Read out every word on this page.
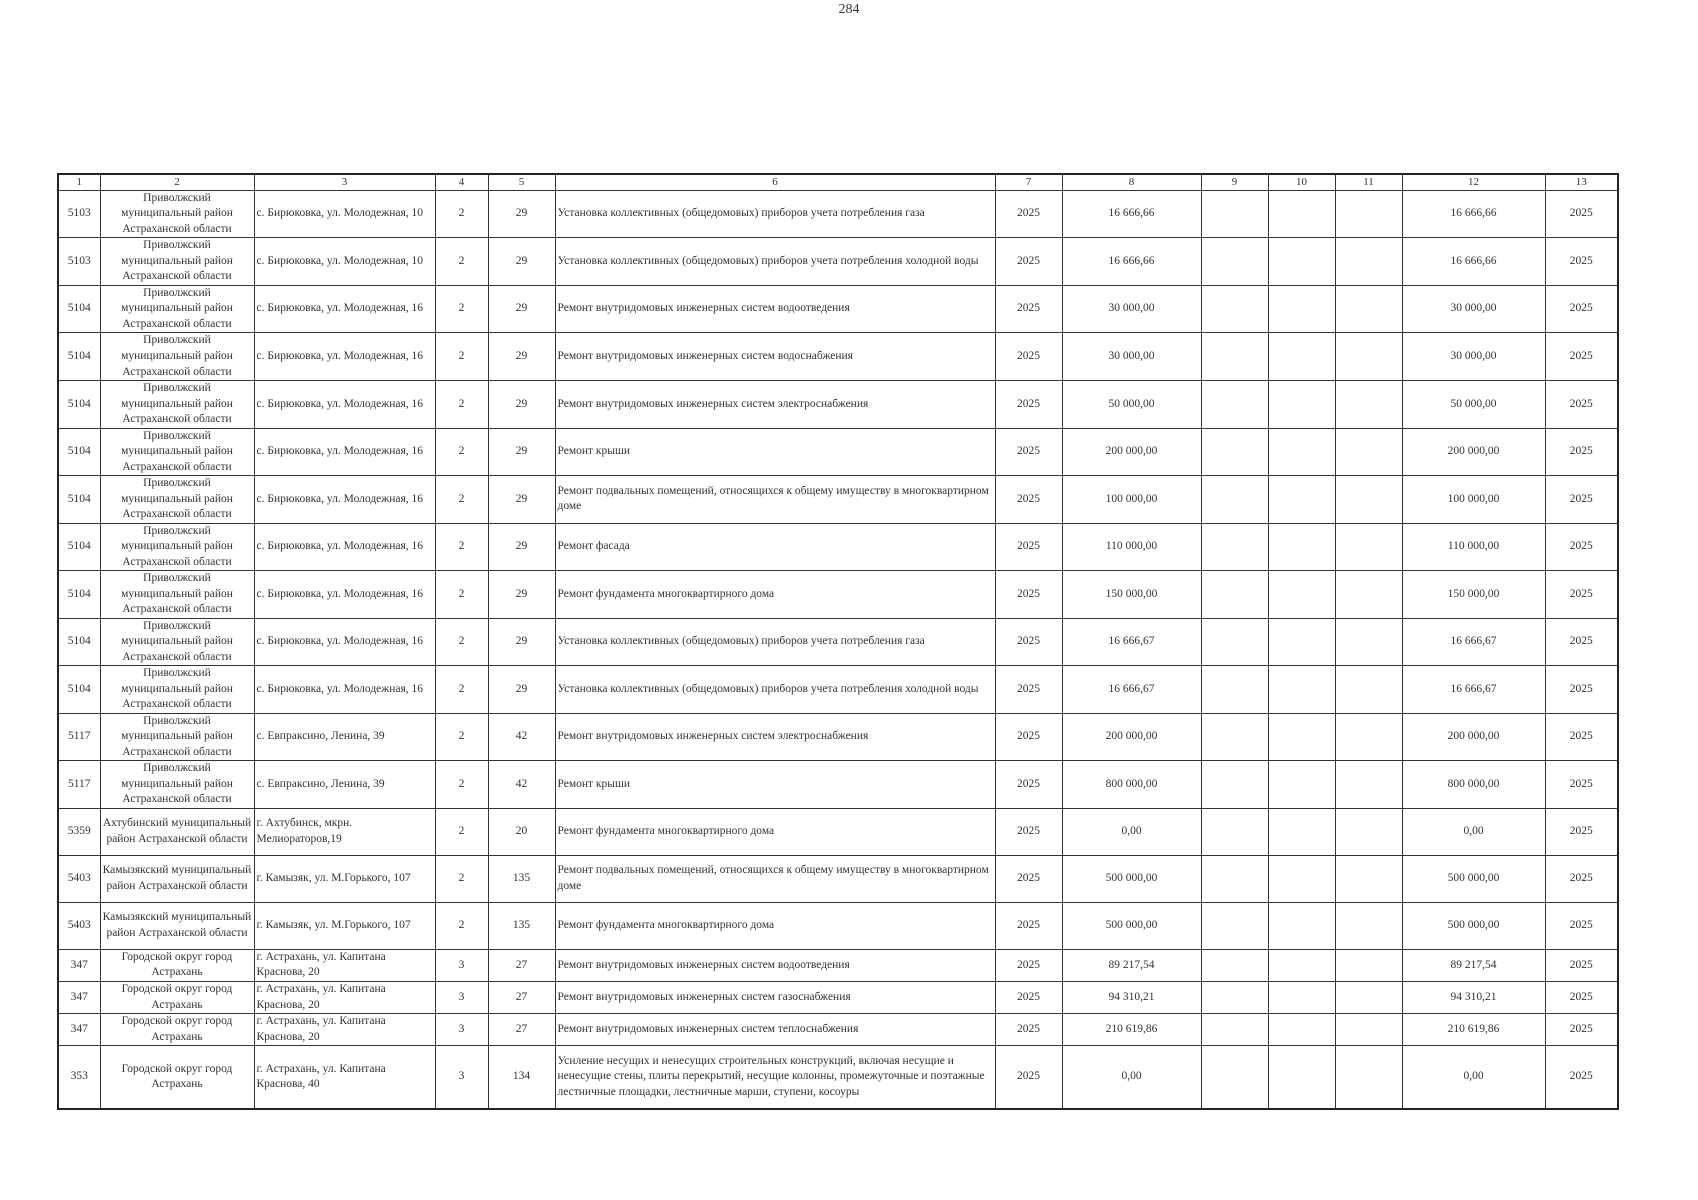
284
1	2	3	4	5	6	7	8	9	10	11	12	13
5103	Приволжский муниципальный район Астраханской области	с. Бирюковка, ул. Молодежная, 10	2	29	Установка коллективных (общедомовых) приборов учета потребления газа	2025	16 666,66				16 666,66	2025
5103	Приволжский муниципальный район Астраханской области	с. Бирюковка, ул. Молодежная, 10	2	29	Установка коллективных (общедомовых) приборов учета потребления холодной воды	2025	16 666,66				16 666,66	2025
5104	Приволжский муниципальный район Астраханской области	с. Бирюковка, ул. Молодежная, 16	2	29	Ремонт внутридомовых инженерных систем водоотведения	2025	30 000,00				30 000,00	2025
5104	Приволжский муниципальный район Астраханской области	с. Бирюковка, ул. Молодежная, 16	2	29	Ремонт внутридомовых инженерных систем водоснабжения	2025	30 000,00				30 000,00	2025
5104	Приволжский муниципальный район Астраханской области	с. Бирюковка, ул. Молодежная, 16	2	29	Ремонт внутридомовых инженерных систем электроснабжения	2025	50 000,00				50 000,00	2025
5104	Приволжский муниципальный район Астраханской области	с. Бирюковка, ул. Молодежная, 16	2	29	Ремонт крыши	2025	200 000,00				200 000,00	2025
5104	Приволжский муниципальный район Астраханской области	с. Бирюковка, ул. Молодежная, 16	2	29	Ремонт подвальных помещений, относящихся к общему имуществу в многоквартирном доме	2025	100 000,00				100 000,00	2025
5104	Приволжский муниципальный район Астраханской области	с. Бирюковка, ул. Молодежная, 16	2	29	Ремонт фасада	2025	110 000,00				110 000,00	2025
5104	Приволжский муниципальный район Астраханской области	с. Бирюковка, ул. Молодежная, 16	2	29	Ремонт фундамента многоквартирного дома	2025	150 000,00				150 000,00	2025
5104	Приволжский муниципальный район Астраханской области	с. Бирюковка, ул. Молодежная, 16	2	29	Установка коллективных (общедомовых) приборов учета потребления газа	2025	16 666,67				16 666,67	2025
5104	Приволжский муниципальный район Астраханской области	с. Бирюковка, ул. Молодежная, 16	2	29	Установка коллективных (общедомовых) приборов учета потребления холодной воды	2025	16 666,67				16 666,67	2025
5117	Приволжский муниципальный район Астраханской области	с. Евпраксино, Ленина, 39	2	42	Ремонт внутридомовых инженерных систем электроснабжения	2025	200 000,00				200 000,00	2025
5117	Приволжский муниципальный район Астраханской области	с. Евпраксино, Ленина, 39	2	42	Ремонт крыши	2025	800 000,00				800 000,00	2025
5359	Ахтубинский муниципальный район Астраханской области	г. Ахтубинск, мкрн. Мелиораторов,19	2	20	Ремонт фундамента многоквартирного дома	2025	0,00				0,00	2025
5403	Камызякский муниципальный район Астраханской области	г. Камызяк, ул. М.Горького, 107	2	135	Ремонт подвальных помещений, относящихся к общему имуществу в многоквартирном доме	2025	500 000,00				500 000,00	2025
5403	Камызякский муниципальный район Астраханской области	г. Камызяк, ул. М.Горького, 107	2	135	Ремонт фундамента многоквартирного дома	2025	500 000,00				500 000,00	2025
347	Городской округ город Астрахань	г. Астрахань, ул. Капитана Краснова, 20	3	27	Ремонт внутридомовых инженерных систем водоотведения	2025	89 217,54				89 217,54	2025
347	Городской округ город Астрахань	г. Астрахань, ул. Капитана Краснова, 20	3	27	Ремонт внутридомовых инженерных систем газоснабжения	2025	94 310,21				94 310,21	2025
347	Городской округ город Астрахань	г. Астрахань, ул. Капитана Краснова, 20	3	27	Ремонт внутридомовых инженерных систем теплоснабжения	2025	210 619,86				210 619,86	2025
353	Городской округ город Астрахань	г. Астрахань, ул. Капитана Краснова, 40	3	134	Усиление несущих и ненесущих строительных конструкций, включая несущие и ненесущие стены, плиты перекрытий, несущие колонны, промежуточные и поэтажные лестничные площадки, лестничные марши, ступени, косоуры	2025	0,00				0,00	2025
